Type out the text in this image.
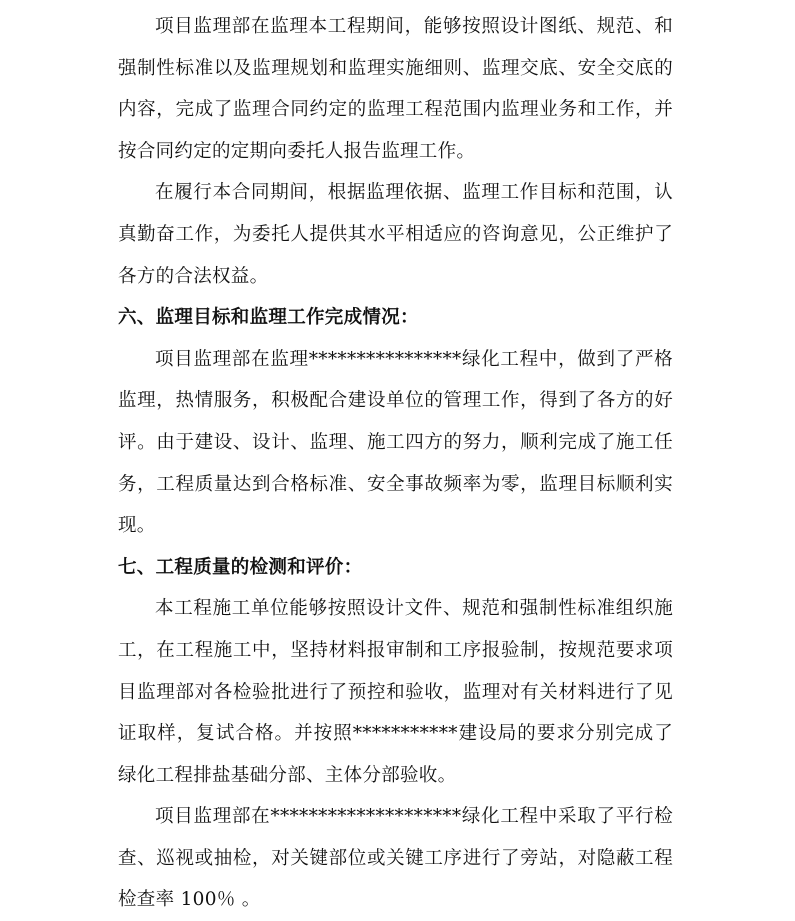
项目监理部在监理本工程期间，能够按照设计图纸、规范、和强制性标准以及监理规划和监理实施细则、监理交底、安全交底的内容，完成了监理合同约定的监理工程范围内监理业务和工作，并按合同约定的定期向委托人报告监理工作。

在履行本合同期间，根据监理依据、监理工作目标和范围，认真勤奋工作，为委托人提供其水平相适应的咨询意见，公正维护了各方的合法权益。

六、监理目标和监理工作完成情况：

项目监理部在监理****************绿化工程中，做到了严格监理，热情服务，积极配合建设单位的管理工作，得到了各方的好评。由于建设、设计、监理、施工四方的努力，顺利完成了施工任务，工程质量达到合格标准、安全事故频率为零，监理目标顺利实现。

七、工程质量的检测和评价：

本工程施工单位能够按照设计文件、规范和强制性标准组织施工，在工程施工中，坚持材料报审制和工序报验制，按规范要求项目监理部对各检验批进行了预控和验收，监理对有关材料进行了见证取样，复试合格。并按照***********建设局的要求分别完成了绿化工程排盐基础分部、主体分部验收。

项目监理部在********************绿化工程中采取了平行检查、巡视或抽检，对关键部位或关键工序进行了旁站，对隐蔽工程检查率 100％ 。
